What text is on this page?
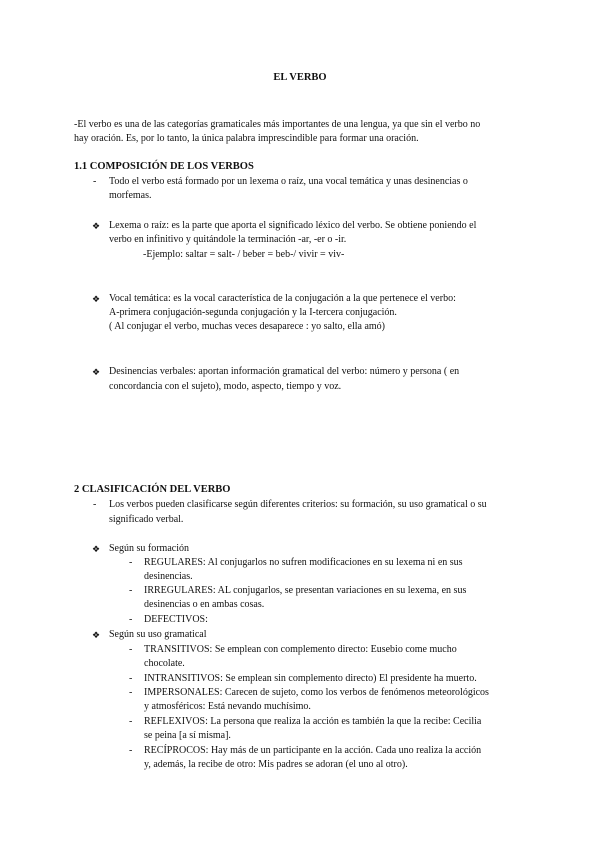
EL VERBO
-El verbo es una de las categorías gramaticales más importantes de una lengua, ya que sin el verbo no
hay oración. Es, por lo tanto, la única palabra imprescindible para formar una oración.
1.1 COMPOSICIÓN DE LOS VERBOS
- Todo el verbo está formado por un lexema o raíz, una vocal temática y unas desinencias o
morfemas.
❖ Lexema o raíz: es la parte que aporta el significado léxico del verbo. Se obtiene poniendo el
verbo en infinitivo y quitándole la terminación -ar, -er o -ir.
-Ejemplo: saltar = salt- / beber = beb-/ vivir = viv-
❖ Vocal temática: es la vocal característica de la conjugación a la que pertenece el verbo:
A-primera conjugación-segunda conjugación y la I-tercera conjugación.
( Al conjugar el verbo, muchas veces desaparece : yo salto, ella amó)
❖ Desinencias verbales: aportan información gramatical del verbo: número y persona ( en
concordancia con el sujeto), modo, aspecto, tiempo y voz.
2 CLASIFICACIÓN DEL VERBO
- Los verbos pueden clasificarse según diferentes criterios: su formación, su uso gramatical o su
significado verbal.
❖ Según su formación
- REGULARES: Al conjugarlos no sufren modificaciones en su lexema ni en sus
desinencias.
- IRREGULARES: AL conjugarlos, se presentan variaciones en su lexema, en sus
desinencias o en ambas cosas.
- DEFECTIVOS:
❖ Según su uso gramatical
- TRANSITIVOS: Se emplean con complemento directo: Eusebio come mucho
chocolate.
- INTRANSITIVOS: Se emplean sin complemento directo) El presidente ha muerto.
- IMPERSONALES: Carecen de sujeto, como los verbos de fenómenos meteorológicos
y atmosféricos: Está nevando muchísimo.
- REFLEXIVOS: La persona que realiza la acción es también la que la recibe: Cecilia
se peina [a sí misma].
- RECÍPROCOS: Hay más de un participante en la acción. Cada uno realiza la acción
y, además, la recibe de otro: Mis padres se adoran (el uno al otro).
